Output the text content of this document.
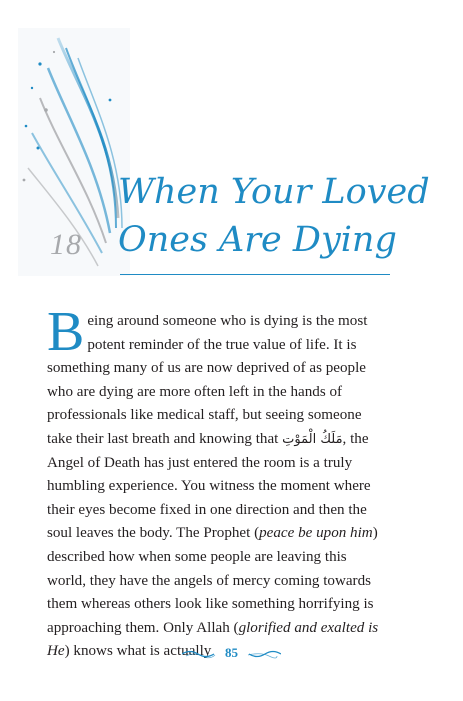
18
When Your Loved
Ones Are Dying

Being around someone who is dying is the most potent reminder of the true value of life. It is something many of us are now deprived of as people who are dying are more often left in the hands of professionals like medical staff, but seeing someone take their last breath and knowing that مَلَكُ الْمَوْتِ, the Angel of Death has just entered the room is a truly humbling experience. You witness the moment where their eyes become fixed in one direction and then the soul leaves the body. The Prophet (peace be upon him) described how when some people are leaving this world, they have the angels of mercy coming towards them whereas others look like something horrifying is approaching them. Only Allah (glorified and exalted is He) knows what is actually	85
